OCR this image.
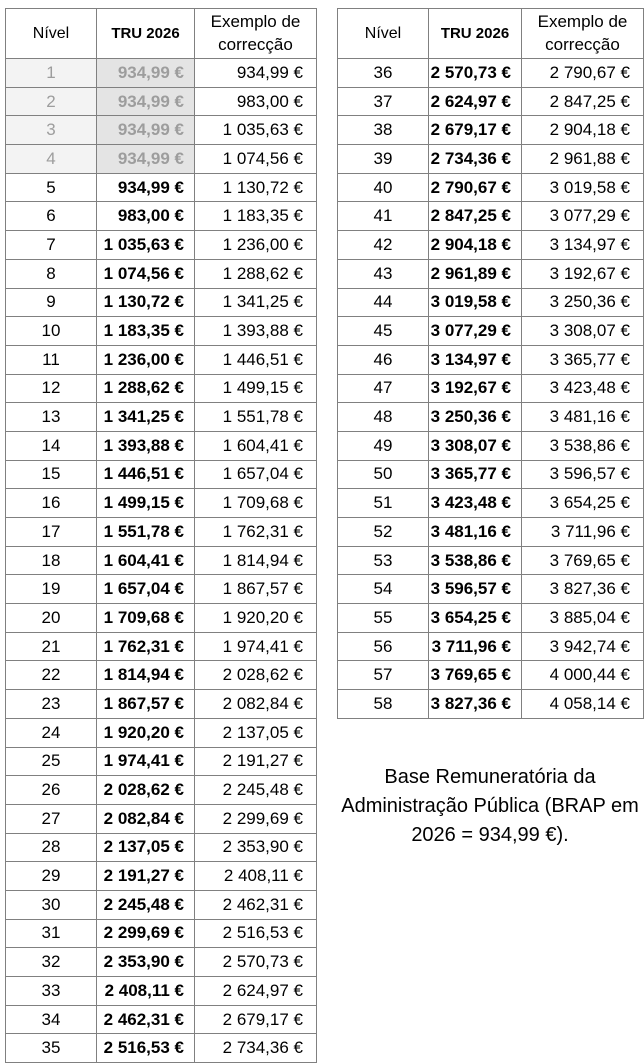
Nível	TRU 2026	Exemplo de correcção
1	934,99 €	934,99 €
2	934,99 €	983,00 €
3	934,99 €	1 035,63 €
4	934,99 €	1 074,56 €
5	934,99 €	1 130,72 €
6	983,00 €	1 183,35 €
7	1 035,63 €	1 236,00 €
8	1 074,56 €	1 288,62 €
9	1 130,72 €	1 341,25 €
10	1 183,35 €	1 393,88 €
11	1 236,00 €	1 446,51 €
12	1 288,62 €	1 499,15 €
13	1 341,25 €	1 551,78 €
14	1 393,88 €	1 604,41 €
15	1 446,51 €	1 657,04 €
16	1 499,15 €	1 709,68 €
17	1 551,78 €	1 762,31 €
18	1 604,41 €	1 814,94 €
19	1 657,04 €	1 867,57 €
20	1 709,68 €	1 920,20 €
21	1 762,31 €	1 974,41 €
22	1 814,94 €	2 028,62 €
23	1 867,57 €	2 082,84 €
24	1 920,20 €	2 137,05 €
25	1 974,41 €	2 191,27 €
26	2 028,62 €	2 245,48 €
27	2 082,84 €	2 299,69 €
28	2 137,05 €	2 353,90 €
29	2 191,27 €	2 408,11 €
30	2 245,48 €	2 462,31 €
31	2 299,69 €	2 516,53 €
32	2 353,90 €	2 570,73 €
33	2 408,11 €	2 624,97 €
34	2 462,31 €	2 679,17 €
35	2 516,53 €	2 734,36 €
Nível	TRU 2026	Exemplo de correcção
36	2 570,73 €	2 790,67 €
37	2 624,97 €	2 847,25 €
38	2 679,17 €	2 904,18 €
39	2 734,36 €	2 961,88 €
40	2 790,67 €	3 019,58 €
41	2 847,25 €	3 077,29 €
42	2 904,18 €	3 134,97 €
43	2 961,89 €	3 192,67 €
44	3 019,58 €	3 250,36 €
45	3 077,29 €	3 308,07 €
46	3 134,97 €	3 365,77 €
47	3 192,67 €	3 423,48 €
48	3 250,36 €	3 481,16 €
49	3 308,07 €	3 538,86 €
50	3 365,77 €	3 596,57 €
51	3 423,48 €	3 654,25 €
52	3 481,16 €	3 711,96 €
53	3 538,86 €	3 769,65 €
54	3 596,57 €	3 827,36 €
55	3 654,25 €	3 885,04 €
56	3 711,96 €	3 942,74 €
57	3 769,65 €	4 000,44 €
58	3 827,36 €	4 058,14 €
Base Remuneratória da
Administração Pública (BRAP em
2026 = 934,99 €).
